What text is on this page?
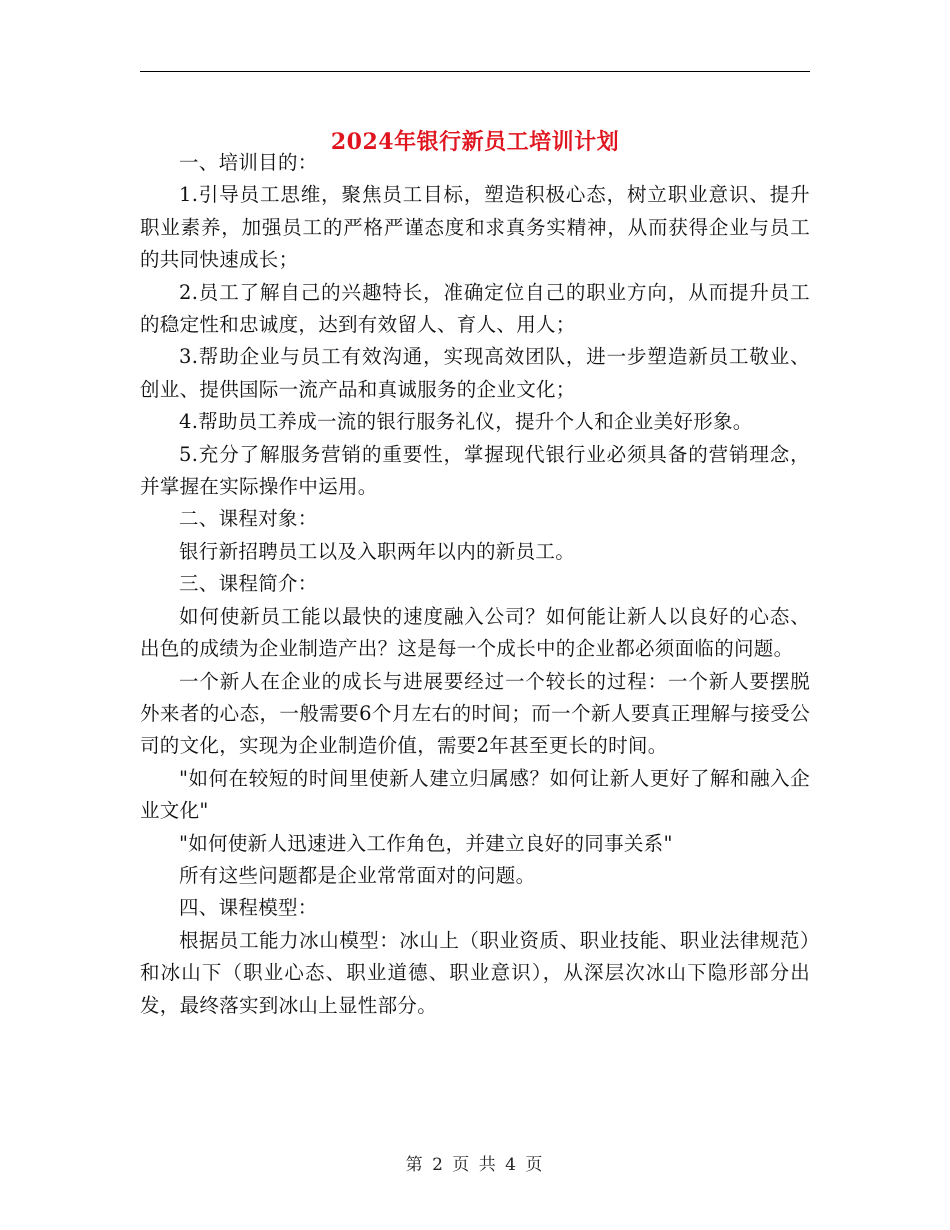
2024年银行新员工培训计划

一、培训目的：

1.引导员工思维，聚焦员工目标，塑造积极心态，树立职业意识、提升职业素养，加强员工的严格严谨态度和求真务实精神，从而获得企业与员工的共同快速成长；

2.员工了解自己的兴趣特长，准确定位自己的职业方向，从而提升员工的稳定性和忠诚度，达到有效留人、育人、用人；

3.帮助企业与员工有效沟通，实现高效团队，进一步塑造新员工敬业、创业、提供国际一流产品和真诚服务的企业文化；

4.帮助员工养成一流的银行服务礼仪，提升个人和企业美好形象。

5.充分了解服务营销的重要性，掌握现代银行业必须具备的营销理念，并掌握在实际操作中运用。

二、课程对象：

银行新招聘员工以及入职两年以内的新员工。

三、课程简介：

如何使新员工能以最快的速度融入公司？如何能让新人以良好的心态、出色的成绩为企业制造产出？这是每一个成长中的企业都必须面临的问题。

一个新人在企业的成长与进展要经过一个较长的过程：一个新人要摆脱外来者的心态，一般需要6个月左右的时间；而一个新人要真正理解与接受公司的文化，实现为企业制造价值，需要2年甚至更长的时间。

"如何在较短的时间里使新人建立归属感？如何让新人更好了解和融入企业文化"

"如何使新人迅速进入工作角色，并建立良好的同事关系"

所有这些问题都是企业常常面对的问题。

四、课程模型：

根据员工能力冰山模型：冰山上（职业资质、职业技能、职业法律规范）和冰山下（职业心态、职业道德、职业意识），从深层次冰山下隐形部分出发，最终落实到冰山上显性部分。

第 2 页 共 4 页
